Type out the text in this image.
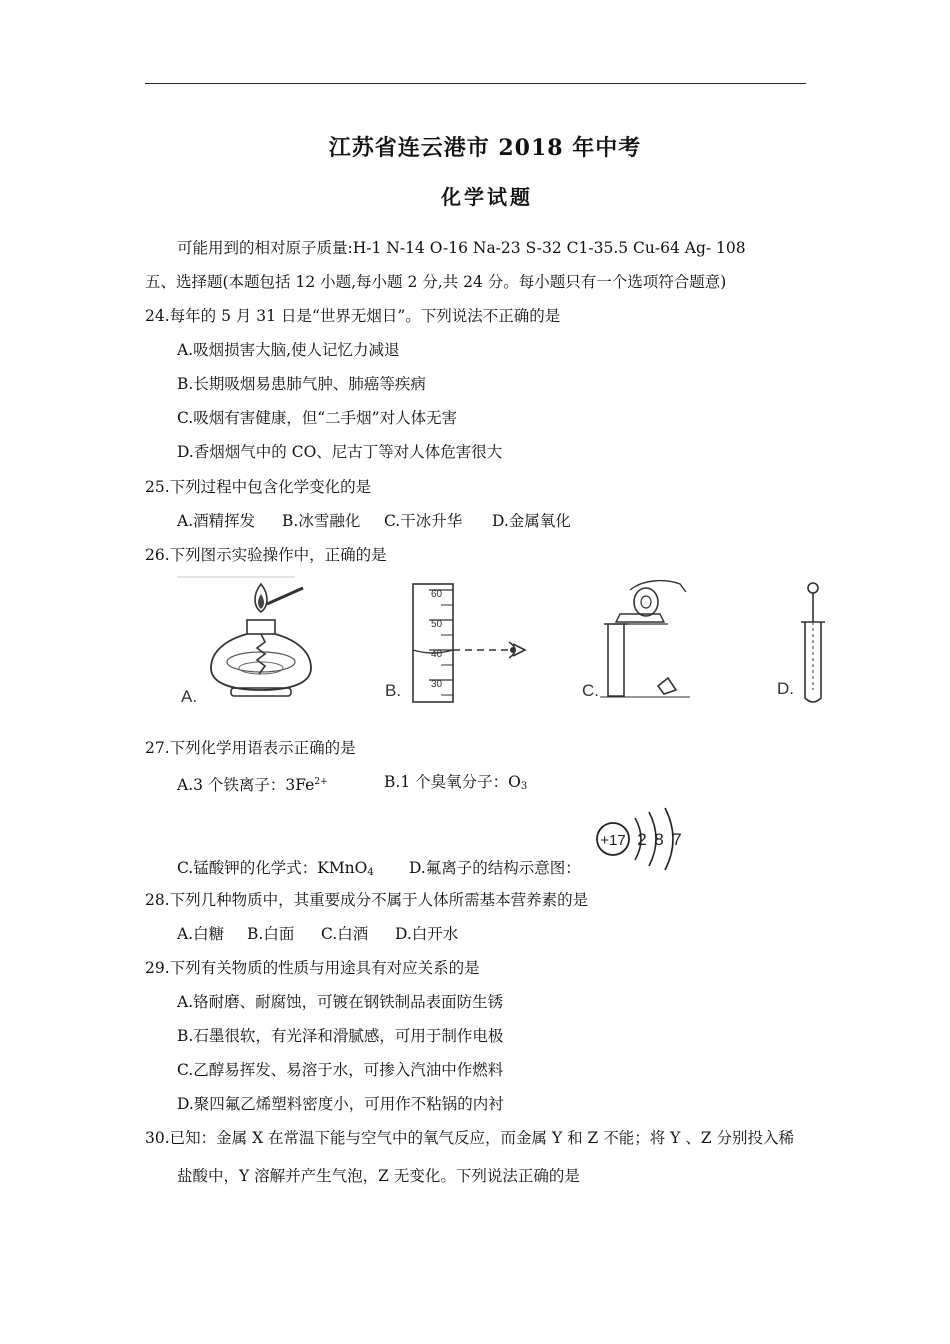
江苏省连云港市 2018 年中考
化学试题
可能用到的相对原子质量:H-1 N-14 O-16 Na-23 S-32 C1-35.5 Cu-64 Ag- 108
五、选择题(本题包括 12 小题,每小题 2 分,共 24 分。每小题只有一个选项符合题意)
24.每年的 5 月 31 日是“世界无烟日”。下列说法不正确的是
A.吸烟损害大脑,使人记忆力减退
B.长期吸烟易患肺气肿、肺癌等疾病
C.吸烟有害健康，但“二手烟”对人体无害
D.香烟烟气中的 CO、尼古丁等对人体危害很大
25.下列过程中包含化学变化的是
A.酒精挥发 B.冰雪融化 C.干冰升华 D.金属氧化
26.下列图示实验操作中，正确的是
A.
60
50
40
30
B.	C.	D.
27.下列化学用语表示正确的是
A.3 个铁离子：$3Fe^{2+}$	B.1 个臭氧分子：$O_3$
+17 2 8 7
C.锰酸钾的化学式：KMnO$_4$ D.氟离子的结构示意图：
28.下列几种物质中，其重要成分不属于人体所需基本营养素的是
A.白糖 B.白面 C.白酒 D.白开水
29.下列有关物质的性质与用途具有对应关系的是
A.铬耐磨、耐腐蚀，可镀在钢铁制品表面防生锈
B.石墨很软，有光泽和滑腻感，可用于制作电极
C.乙醇易挥发、易溶于水，可掺入汽油中作燃料
D.聚四氟乙烯塑料密度小，可用作不粘锅的内衬
30.已知：金属 X 在常温下能与空气中的氧气反应，而金属 Y 和 Z 不能；将 Y 、Z 分别投入稀
盐酸中，Y 溶解并产生气泡，Z 无变化。下列说法正确的是
